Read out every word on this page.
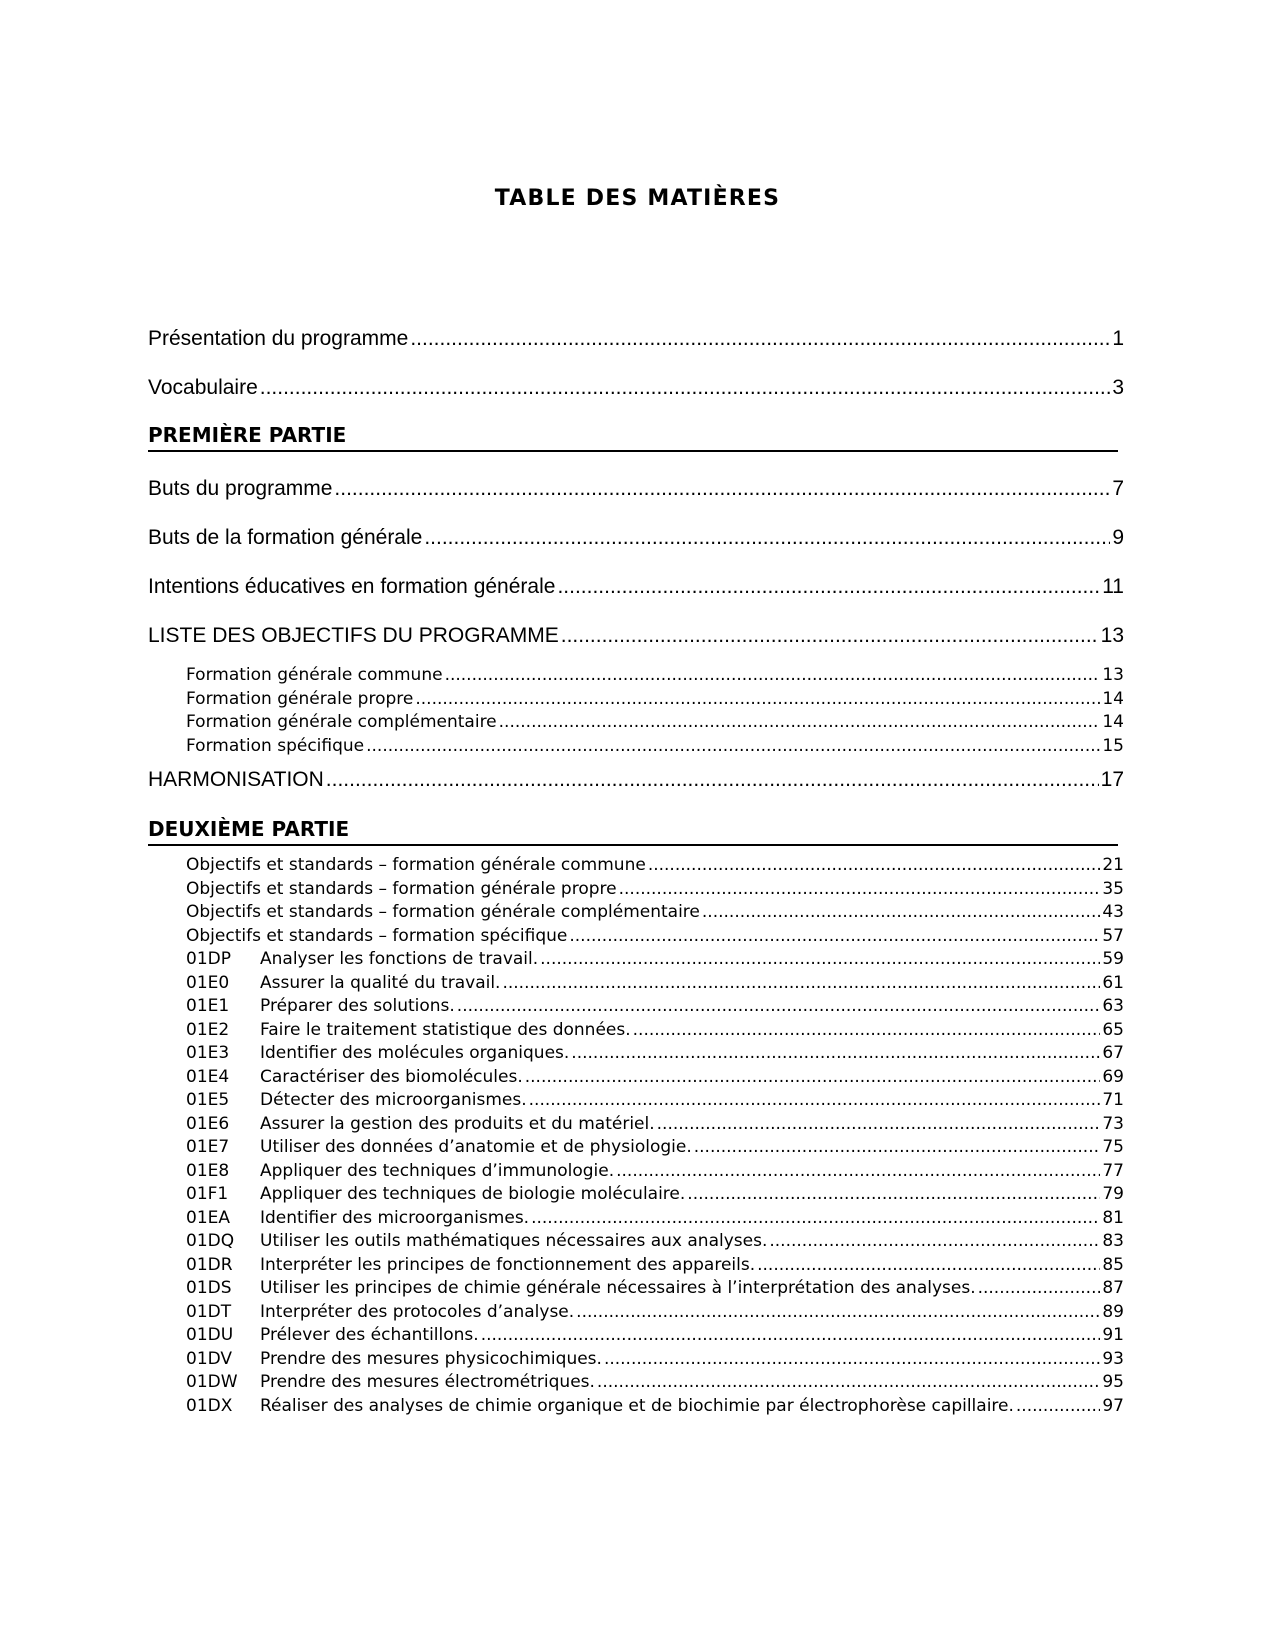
TABLE DES MATIÈRES
Présentation du programme .....	1
Vocabulaire .....	3
PREMIÈRE PARTIE
Buts du programme .....	7
Buts de la formation générale .....	9
Intentions éducatives en formation générale .....	11
LISTE DES OBJECTIFS DU PROGRAMME .....	13
Formation générale commune .....	13
Formation générale propre .....	14
Formation générale complémentaire .....	14
Formation spécifique .....	15
HARMONISATION .....	17
DEUXIÈME PARTIE
Objectifs et standards – formation générale commune .....	21
Objectifs et standards – formation générale propre .....	35
Objectifs et standards – formation générale complémentaire .....	43
Objectifs et standards – formation spécifique .....	57
01DP	Analyser les fonctions de travail. .....	59
01E0	Assurer la qualité du travail. .....	61
01E1	Préparer des solutions. .....	63
01E2	Faire le traitement statistique des données. .....	65
01E3	Identifier des molécules organiques. .....	67
01E4	Caractériser des biomolécules. .....	69
01E5	Détecter des microorganismes. .....	71
01E6	Assurer la gestion des produits et du matériel. .....	73
01E7	Utiliser des données d’anatomie et de physiologie. .....	75
01E8	Appliquer des techniques d’immunologie. .....	77
01F1	Appliquer des techniques de biologie moléculaire. .....	79
01EA	Identifier des microorganismes. .....	81
01DQ	Utiliser les outils mathématiques nécessaires aux analyses. .....	83
01DR	Interpréter les principes de fonctionnement des appareils. .....	85
01DS	Utiliser les principes de chimie générale nécessaires à l’interprétation des analyses. .....	87
01DT	Interpréter des protocoles d’analyse. .....	89
01DU	Prélever des échantillons. .....	91
01DV	Prendre des mesures physicochimiques. .....	93
01DW	Prendre des mesures électrométriques. .....	95
01DX	Réaliser des analyses de chimie organique et de biochimie par électrophorèse capillaire. .....	97
